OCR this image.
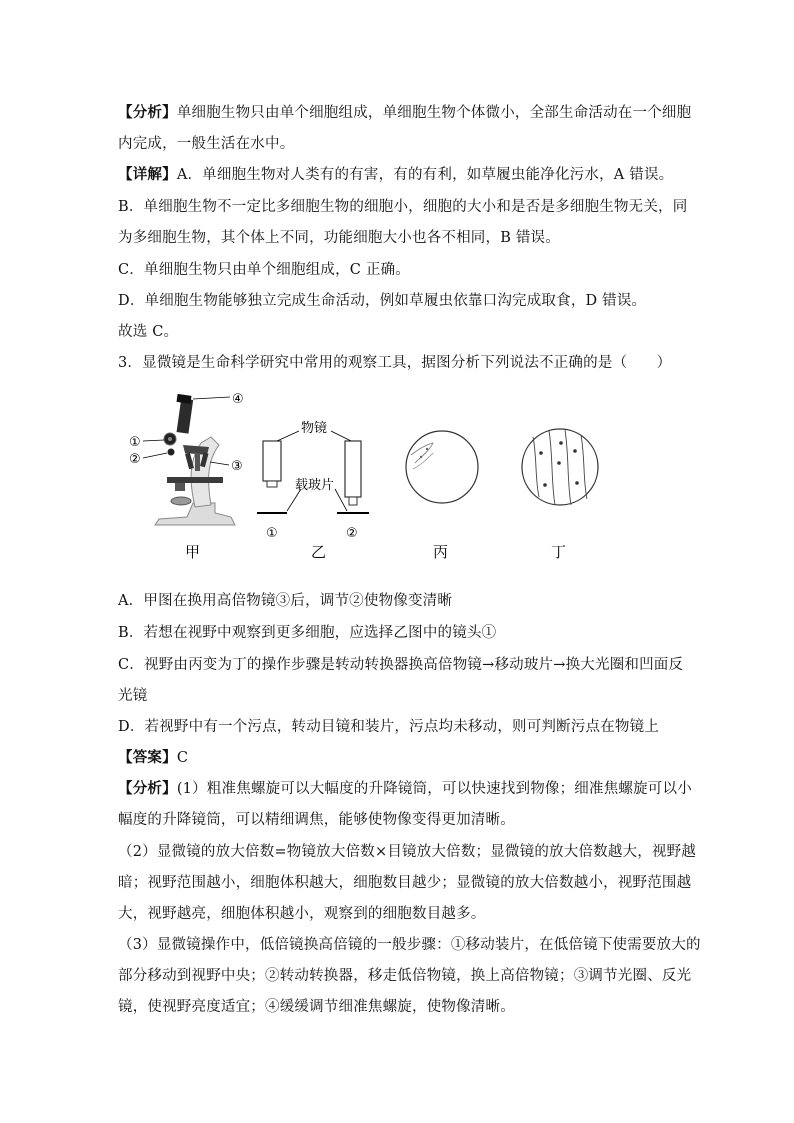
【分析】单细胞生物只由单个细胞组成，单细胞生物个体微小，全部生命活动在一个细胞
内完成，一般生活在水中。
【详解】A．单细胞生物对人类有的有害，有的有利，如草履虫能净化污水，A 错误。
B．单细胞生物不一定比多细胞生物的细胞小，细胞的大小和是否是多细胞生物无关，同
为多细胞生物，其个体上不同，功能细胞大小也各不相同，B 错误。
C．单细胞生物只由单个细胞组成，C 正确。
D．单细胞生物能够独立完成生命活动，例如草履虫依靠口沟完成取食，D 错误。
故选 C。
3．显微镜是生命科学研究中常用的观察工具，据图分析下列说法不正确的是（　　）
①
②	③
④
甲
物镜
载玻片
①	②
乙	丙	丁
A．甲图在换用高倍物镜③后，调节②使物像变清晰
B．若想在视野中观察到更多细胞，应选择乙图中的镜头①
C．视野由丙变为丁的操作步骤是转动转换器换高倍物镜→移动玻片→换大光圈和凹面反
光镜
D．若视野中有一个污点，转动目镜和装片，污点均未移动，则可判断污点在物镜上
【答案】C
【分析】(1）粗准焦螺旋可以大幅度的升降镜筒，可以快速找到物像；细准焦螺旋可以小
幅度的升降镜筒，可以精细调焦，能够使物像变得更加清晰。
（2）显微镜的放大倍数=物镜放大倍数×目镜放大倍数；显微镜的放大倍数越大，视野越
暗；视野范围越小，细胞体积越大，细胞数目越少；显微镜的放大倍数越小，视野范围越
大，视野越亮，细胞体积越小，观察到的细胞数目越多。
（3）显微镜操作中，低倍镜换高倍镜的一般步骤：①移动装片，在低倍镜下使需要放大的
部分移动到视野中央；②转动转换器，移走低倍物镜，换上高倍物镜；③调节光圈、反光
镜，使视野亮度适宜；④缓缓调节细准焦螺旋，使物像清晰。
